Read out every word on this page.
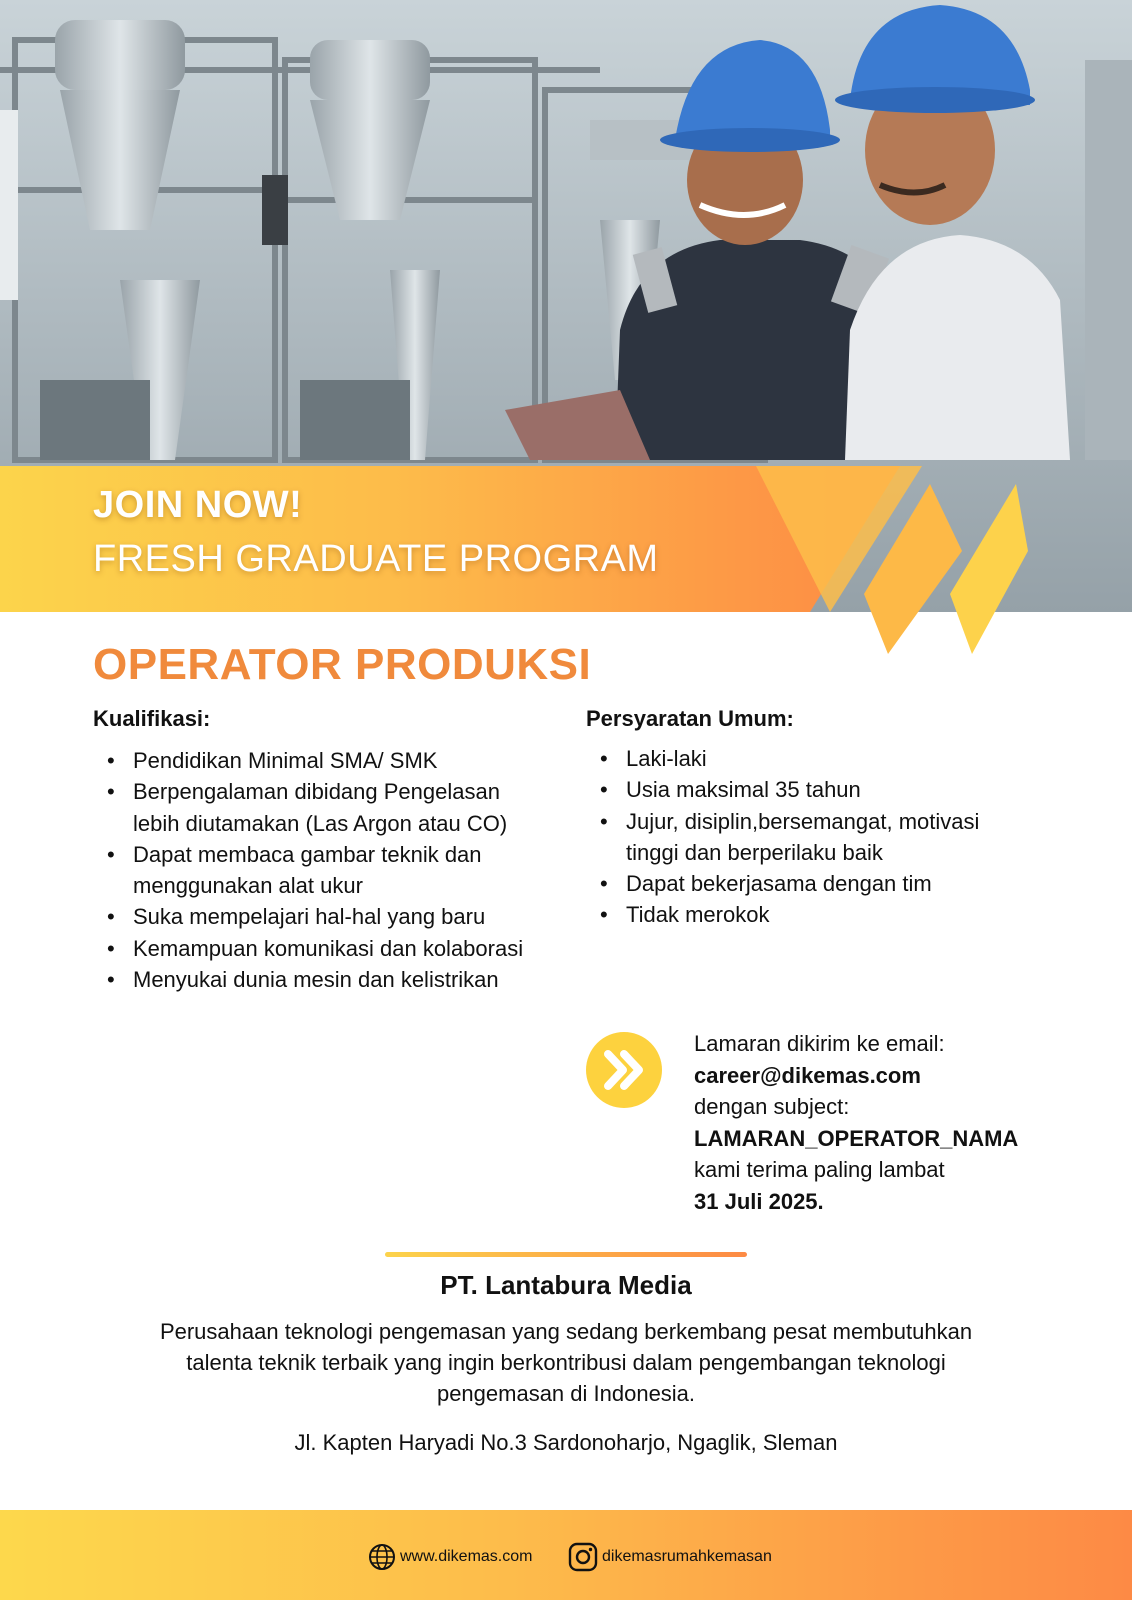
JOIN NOW!
FRESH GRADUATE PROGRAM
OPERATOR PRODUKSI
Kualifikasi:
• Pendidikan Minimal SMA/ SMK
• Berpengalaman dibidang Pengelasan lebih diutamakan (Las Argon atau CO)
• Dapat membaca gambar teknik dan menggunakan alat ukur
• Suka mempelajari hal-hal yang baru
• Kemampuan komunikasi dan kolaborasi
• Menyukai dunia mesin dan kelistrikan
Persyaratan Umum:
• Laki-laki
• Usia maksimal 35 tahun
• Jujur, disiplin,bersemangat, motivasi tinggi dan berperilaku baik
• Dapat bekerjasama dengan tim
• Tidak merokok
Lamaran dikirim ke email:
career@dikemas.com
dengan subject:
LAMARAN_OPERATOR_NAMA
kami terima paling lambat
31 Juli 2025.
PT. Lantabura Media
Perusahaan teknologi pengemasan yang sedang berkembang pesat membutuhkan talenta teknik terbaik yang ingin berkontribusi dalam pengembangan teknologi pengemasan di Indonesia.
Jl. Kapten Haryadi No.3 Sardonoharjo, Ngaglik, Sleman
www.dikemas.com	dikemasrumahkemasan
